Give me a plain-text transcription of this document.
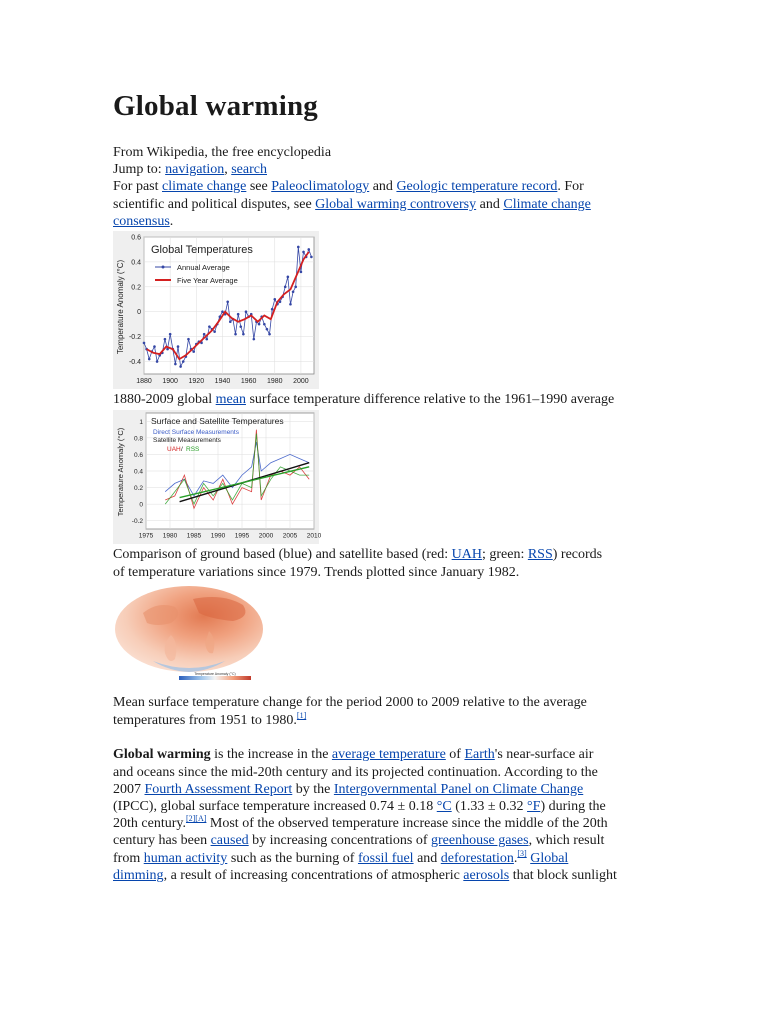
Global warming
From Wikipedia, the free encyclopedia
Jump to: navigation, search
For past climate change see Paleoclimatology and Geologic temperature record. For
scientific and political disputes, see Global warming controversy and Climate change
consensus.
Global Temperatures
Annual Average
Five Year Average
0.6
0.4
0.2
0
-0.2
-0.4
1880 1900 1920 1940 1960 1980 2000
Temperature Anomaly (°C)
1880-2009 global mean surface temperature difference relative to the 1961–1990 average
Surface and Satellite Temperatures
Direct Surface Measurements
Satellite Measurements
UAH / RSS
1
0.8
0.6
0.4
0.2
0
-0.2
1975 1980 1985 1990 1995 2000 2005 2010
Temperature Anomaly (°C)
Comparison of ground based (blue) and satellite based (red: UAH; green: RSS) records
of temperature variations since 1979. Trends plotted since January 1982.
Temperature Anomaly (°C)
Mean surface temperature change for the period 2000 to 2009 relative to the average
temperatures from 1951 to 1980.[1]
Global warming is the increase in the average temperature of Earth's near-surface air
and oceans since the mid-20th century and its projected continuation. According to the
2007 Fourth Assessment Report by the Intergovernmental Panel on Climate Change
(IPCC), global surface temperature increased 0.74 ± 0.18 °C (1.33 ± 0.32 °F) during the
20th century.[2][A] Most of the observed temperature increase since the middle of the 20th
century has been caused by increasing concentrations of greenhouse gases, which result
from human activity such as the burning of fossil fuel and deforestation.[3] Global
dimming, a result of increasing concentrations of atmospheric aerosols that block sunlight
